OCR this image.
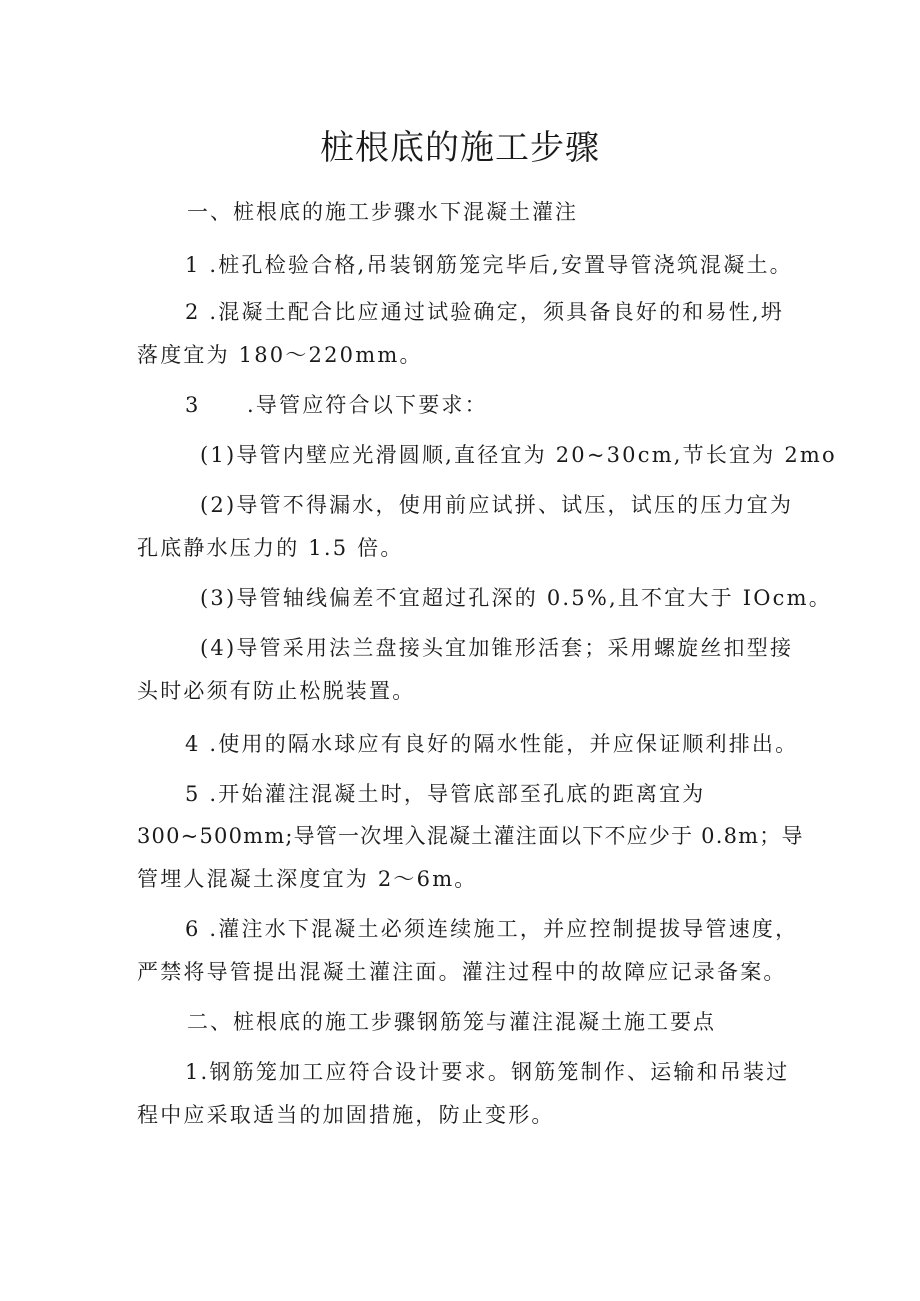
桩根底的施工步骤

一、桩根底的施工步骤水下混凝土灌注

1 .桩孔检验合格,吊装钢筋笼完毕后,安置导管浇筑混凝土。

2 .混凝土配合比应通过试验确定，须具备良好的和易性,坍

落度宜为 180～220mm。

3　　.导管应符合以下要求：

(1)导管内壁应光滑圆顺,直径宜为 20~30cm,节长宜为 2mo

(2)导管不得漏水，使用前应试拼、试压，试压的压力宜为

孔底静水压力的 1.5 倍。

(3)导管轴线偏差不宜超过孔深的 0.5%,且不宜大于 IOcm。

(4)导管采用法兰盘接头宜加锥形活套；采用螺旋丝扣型接

头时必须有防止松脱装置。

4 .使用的隔水球应有良好的隔水性能，并应保证顺利排出。

5 .开始灌注混凝土时，导管底部至孔底的距离宜为

300~500mm;导管一次埋入混凝土灌注面以下不应少于 0.8m；导

管埋人混凝土深度宜为 2～6m。

6 .灌注水下混凝土必须连续施工，并应控制提拔导管速度，

严禁将导管提出混凝土灌注面。灌注过程中的故障应记录备案。

二、桩根底的施工步骤钢筋笼与灌注混凝土施工要点

1.钢筋笼加工应符合设计要求。钢筋笼制作、运输和吊装过

程中应采取适当的加固措施，防止变形。
